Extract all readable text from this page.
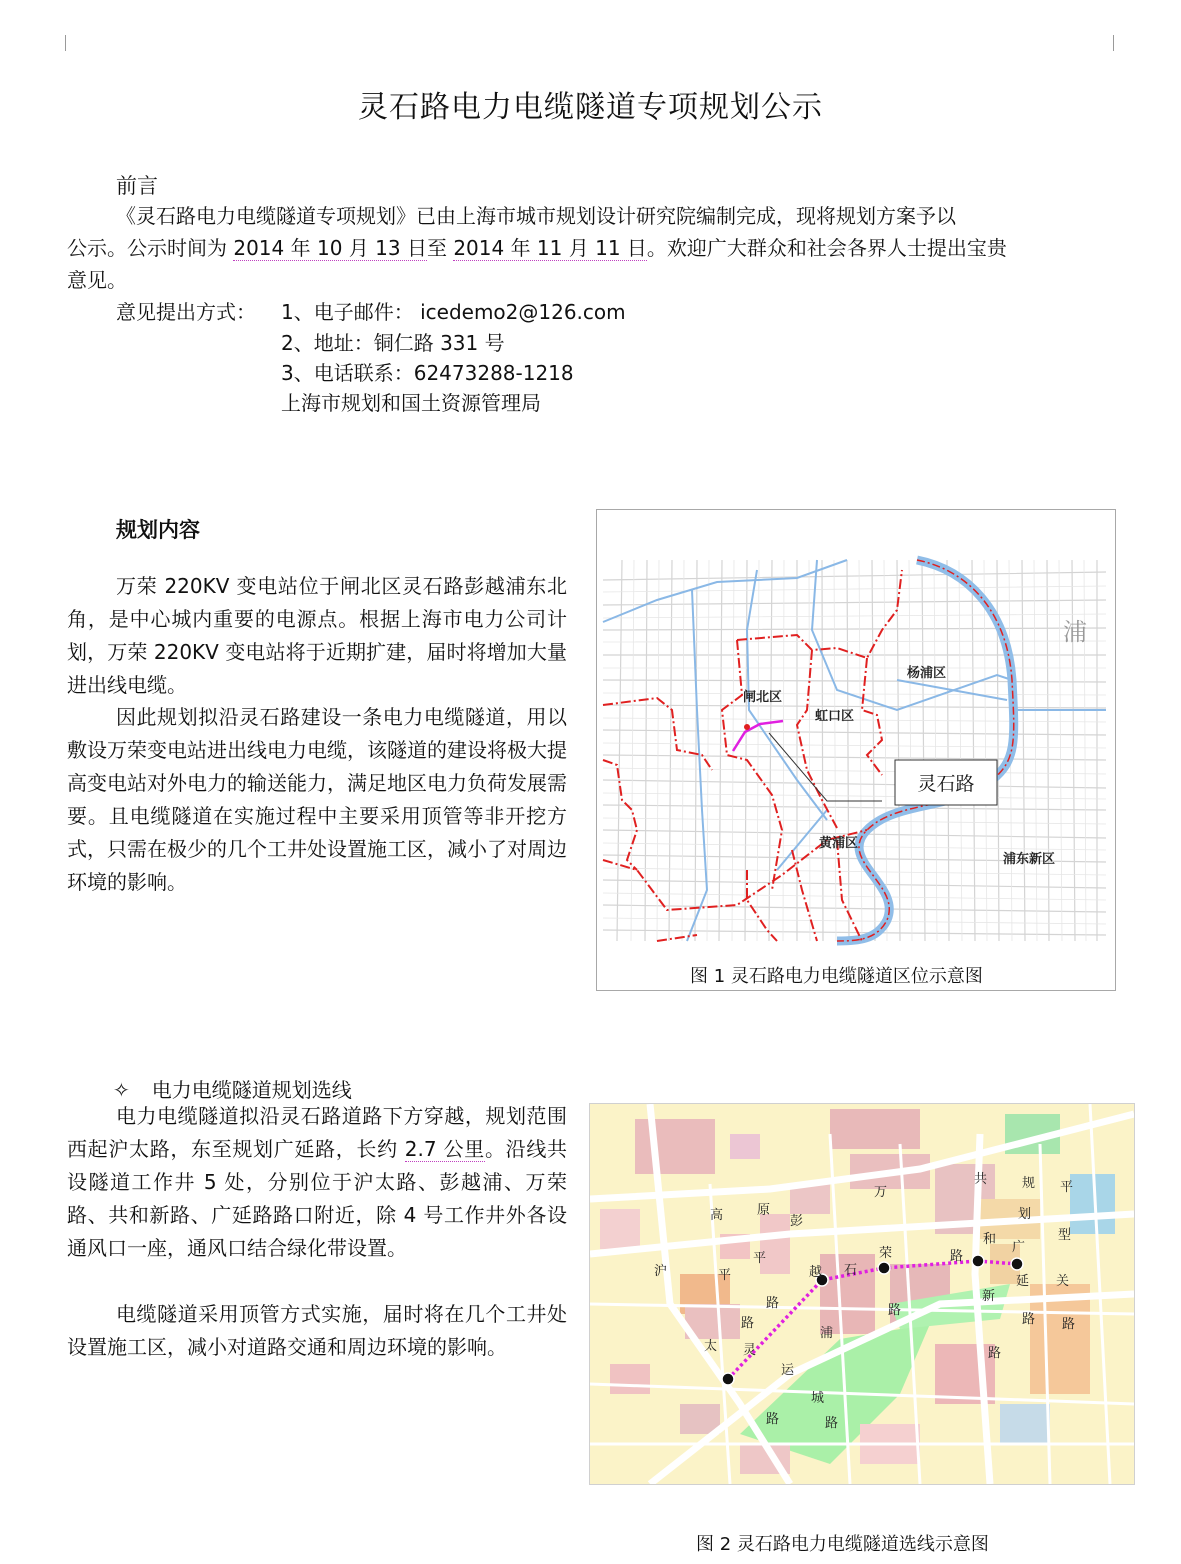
灵石路电力电缆隧道专项规划公示
前言
《灵石路电力电缆隧道专项规划》已由上海市城市规划设计研究院编制完成，现将规划方案予以
公示。公示时间为 2014 年 10 月 13 日至 2014 年 11 月 11 日。欢迎广大群众和社会各界人士提出宝贵
意见。
意见提出方式： 1、电子邮件： icedemo2@126.com
2、地址：铜仁路 331 号
3、电话联系：62473288-1218
上海市规划和国土资源管理局
规划内容
万荣 220KV 变电站位于闸北区灵石路彭越浦东北角，是中心城内重要的电源点。根据上海市电力公司计划，万荣 220KV 变电站将于近期扩建，届时将增加大量进出线电缆。
因此规划拟沿灵石路建设一条电力电缆隧道，用以敷设万荣变电站进出线电力电缆，该隧道的建设将极大提高变电站对外电力的输送能力，满足地区电力负荷发展需要。且电缆隧道在实施过程中主要采用顶管等非开挖方式，只需在极少的几个工井处设置施工区，减小了对周边环境的影响。
灵石路
闸北区
虹口区
杨浦区
黄浦区
浦东新区
浦
图 1 灵石路电力电缆隧道区位示意图
✧ 电力电缆隧道规划选线
电力电缆隧道拟沿灵石路道路下方穿越，规划范围西起沪太路，东至规划广延路，长约 2.7 公里。沿线共设隧道工作井 5 处，分别位于沪太路、彭越浦、万荣路、共和新路、广延路路口附近，除 4 号工作井外各设通风口一座，通风口结合绿化带设置。
电缆隧道采用顶管方式实施，届时将在几个工井处设置施工区，减小对道路交通和周边环境的影响。
高	原
彭
万
共	规 平
划
型
和
广
荣	路
沪	平
平
越 石
延 关
新
路	路
路 路
路
浦
太 灵
运
城
路
路	路
图 2 灵石路电力电缆隧道选线示意图
